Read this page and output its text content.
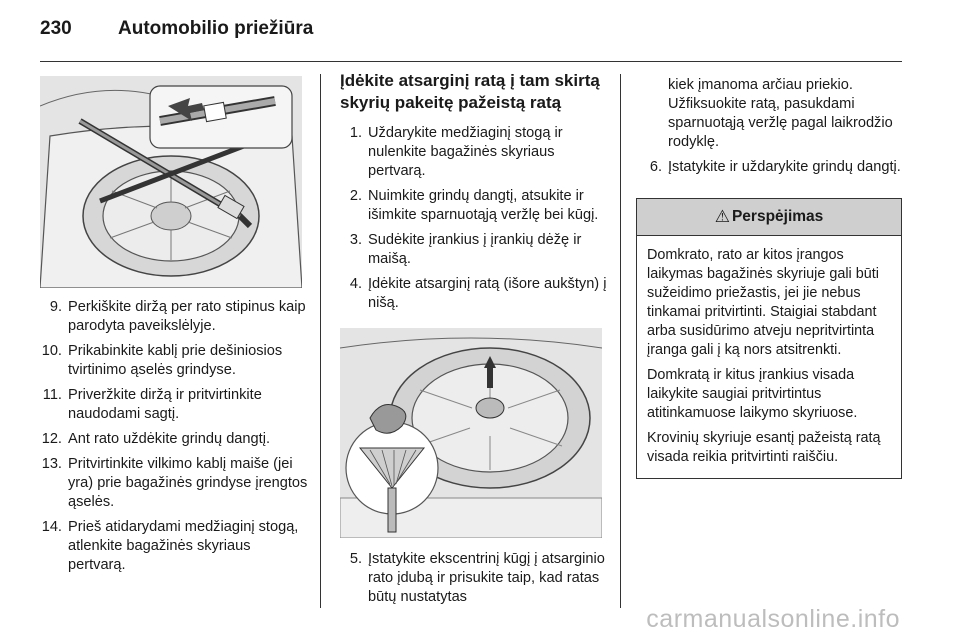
230 Automobilio priežiūra
9. Perkiškite diržą per rato stipinus kaip parodyta paveikslėlyje.
10. Prikabinkite kablį prie dešiniosios tvirtinimo ąselės grindyse.
11. Priveržkite diržą ir pritvirtinkite naudodami sagtį.
12. Ant rato uždėkite grindų dangtį.
13. Pritvirtinkite vilkimo kablį maiše (jei yra) prie bagažinės grindyse įrengtos ąselės.
14. Prieš atidarydami medžiaginį stogą, atlenkite bagažinės skyriaus pertvarą.
Įdėkite atsarginį ratą į tam skirtą skyrių pakeitę pažeistą ratą
1. Uždarykite medžiaginį stogą ir nulenkite bagažinės skyriaus pertvarą.
2. Nuimkite grindų dangtį, atsukite ir išimkite sparnuotąją veržlę bei kūgį.
3. Sudėkite įrankius į įrankių dėžę ir maišą.
4. Įdėkite atsarginį ratą (išore aukštyn) į nišą.
5. Įstatykite ekscentrinį kūgį į atsarginio rato įdubą ir prisukite taip, kad ratas būtų nustatytas
kiek įmanoma arčiau priekio. Užfiksuokite ratą, pasukdami sparnuotąją veržlę pagal laikrodžio rodyklę.
6. Įstatykite ir uždarykite grindų dangtį.
⚠ Perspėjimas

Domkrato, rato ar kitos įrangos laikymas bagažinės skyriuje gali būti sužeidimo priežastis, jei jie nebus tinkamai pritvirtinti. Staigiai stabdant arba susidūrimo atveju nepritvirtinta įranga gali į ką nors atsitrenkti.

Domkratą ir kitus įrankius visada laikykite saugiai pritvirtintus atitinkamuose laikymo skyriuose.

Krovinių skyriuje esantį pažeistą ratą visada reikia pritvirtinti raiščiu.

carmanualsonline.info
